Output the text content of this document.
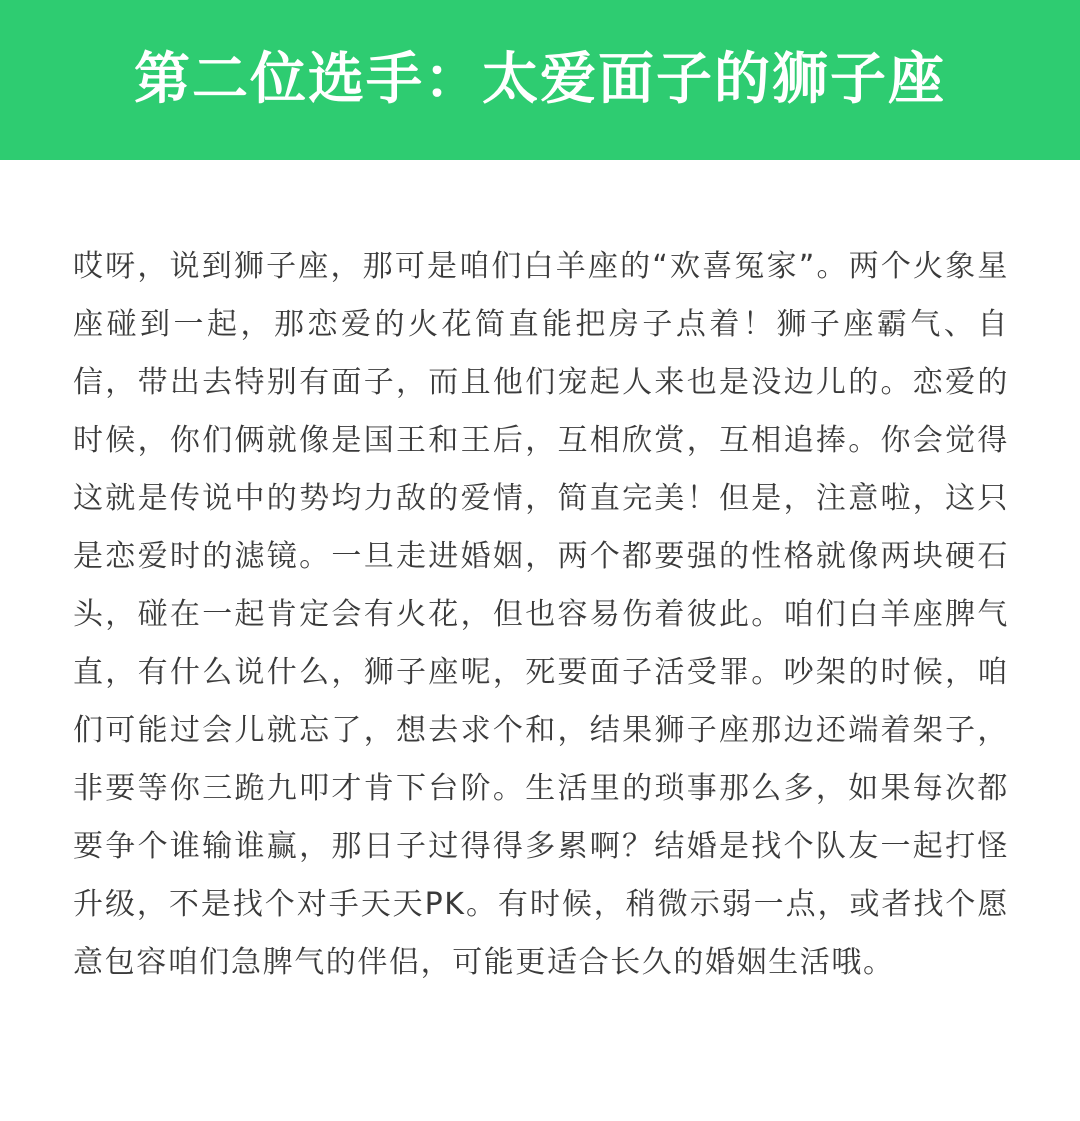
第二位选手：太爱面子的狮子座

哎呀，说到狮子座，那可是咱们白羊座的“欢喜冤家”。两个火象星座碰到一起，那恋爱的火花简直能把房子点着！狮子座霸气、自信，带出去特别有面子，而且他们宠起人来也是没边儿的。恋爱的时候，你们俩就像是国王和王后，互相欣赏，互相追捧。你会觉得这就是传说中的势均力敌的爱情，简直完美！但是，注意啦，这只是恋爱时的滤镜。一旦走进婚姻，两个都要强的性格就像两块硬石头，碰在一起肯定会有火花，但也容易伤着彼此。咱们白羊座脾气直，有什么说什么，狮子座呢，死要面子活受罪。吵架的时候，咱们可能过会儿就忘了，想去求个和，结果狮子座那边还端着架子，非要等你三跪九叩才肯下台阶。生活里的琐事那么多，如果每次都要争个谁输谁赢，那日子过得得多累啊？结婚是找个队友一起打怪升级，不是找个对手天天PK。有时候，稍微示弱一点，或者找个愿意包容咱们急脾气的伴侣，可能更适合长久的婚姻生活哦。
